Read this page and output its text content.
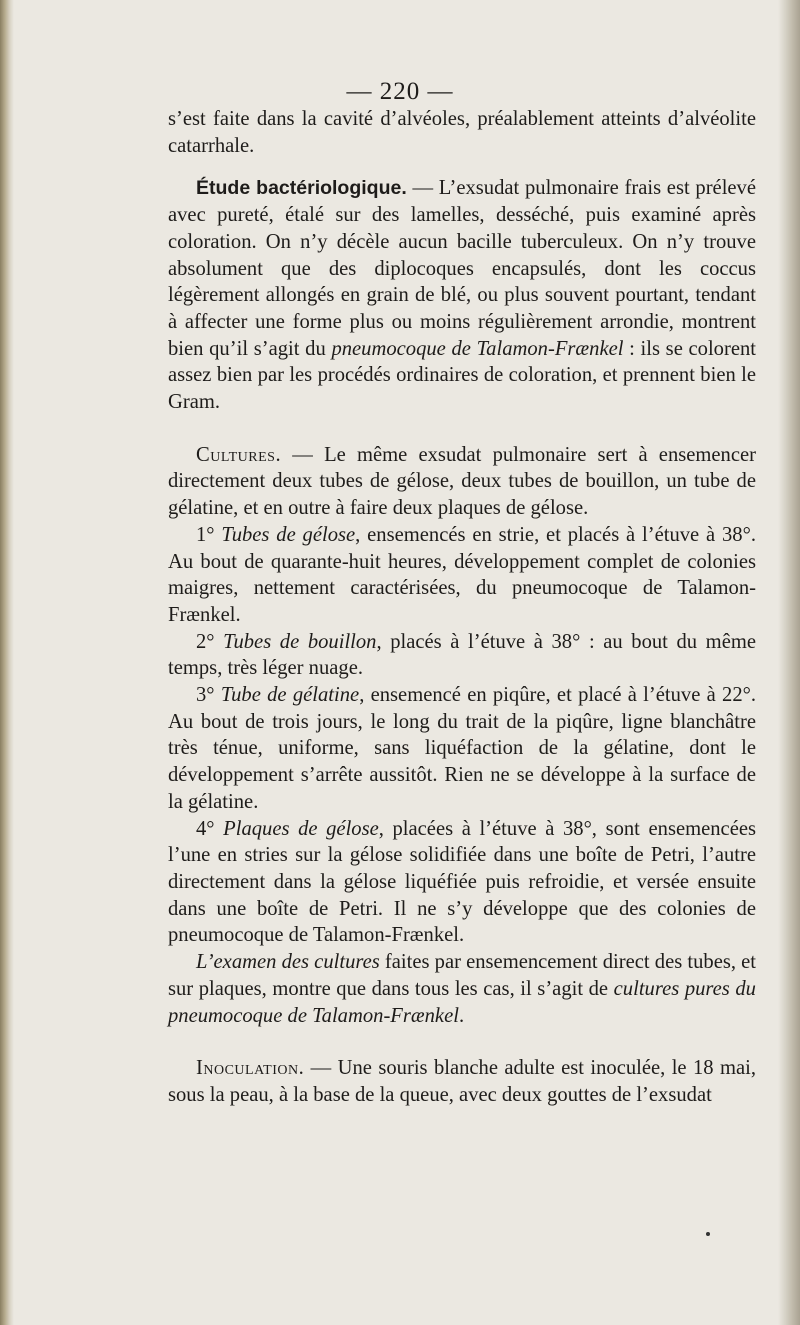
— 220 —

s’est faite dans la cavité d’alvéoles, préalablement atteints d’alvéolite catarrhale.

Étude bactériologique. — L’exsudat pulmonaire frais est prélevé avec pureté, étalé sur des lamelles, desséché, puis examiné après coloration. On n’y décèle aucun bacille tuberculeux. On n’y trouve absolument que des diplocoques encapsulés, dont les coccus légèrement allongés en grain de blé, ou plus souvent pourtant, tendant à affecter une forme plus ou moins régulièrement arrondie, montrent bien qu’il s’agit du pneumocoque de Talamon-Frænkel : ils se colorent assez bien par les procédés ordinaires de coloration, et prennent bien le Gram.

Cultures. — Le même exsudat pulmonaire sert à ensemencer directement deux tubes de gélose, deux tubes de bouillon, un tube de gélatine, et en outre à faire deux plaques de gélose.

1° Tubes de gélose, ensemencés en strie, et placés à l’étuve à 38°. Au bout de quarante-huit heures, développement complet de colonies maigres, nettement caractérisées, du pneumocoque de Talamon-Frænkel.

2° Tubes de bouillon, placés à l’étuve à 38° : au bout du même temps, très léger nuage.

3° Tube de gélatine, ensemencé en piqûre, et placé à l’étuve à 22°. Au bout de trois jours, le long du trait de la piqûre, ligne blanchâtre très ténue, uniforme, sans liquéfaction de la gélatine, dont le développement s’arrête aussitôt. Rien ne se développe à la surface de la gélatine.

4° Plaques de gélose, placées à l’étuve à 38°, sont ensemencées l’une en stries sur la gélose solidifiée dans une boîte de Petri, l’autre directement dans la gélose liquéfiée puis refroidie, et versée ensuite dans une boîte de Petri. Il ne s’y développe que des colonies de pneumocoque de Talamon-Frænkel.

L’examen des cultures faites par ensemencement direct des tubes, et sur plaques, montre que dans tous les cas, il s’agit de cultures pures du pneumocoque de Talamon-Frænkel.

Inoculation. — Une souris blanche adulte est inoculée, le 18 mai, sous la peau, à la base de la queue, avec deux gouttes de l’exsudat
